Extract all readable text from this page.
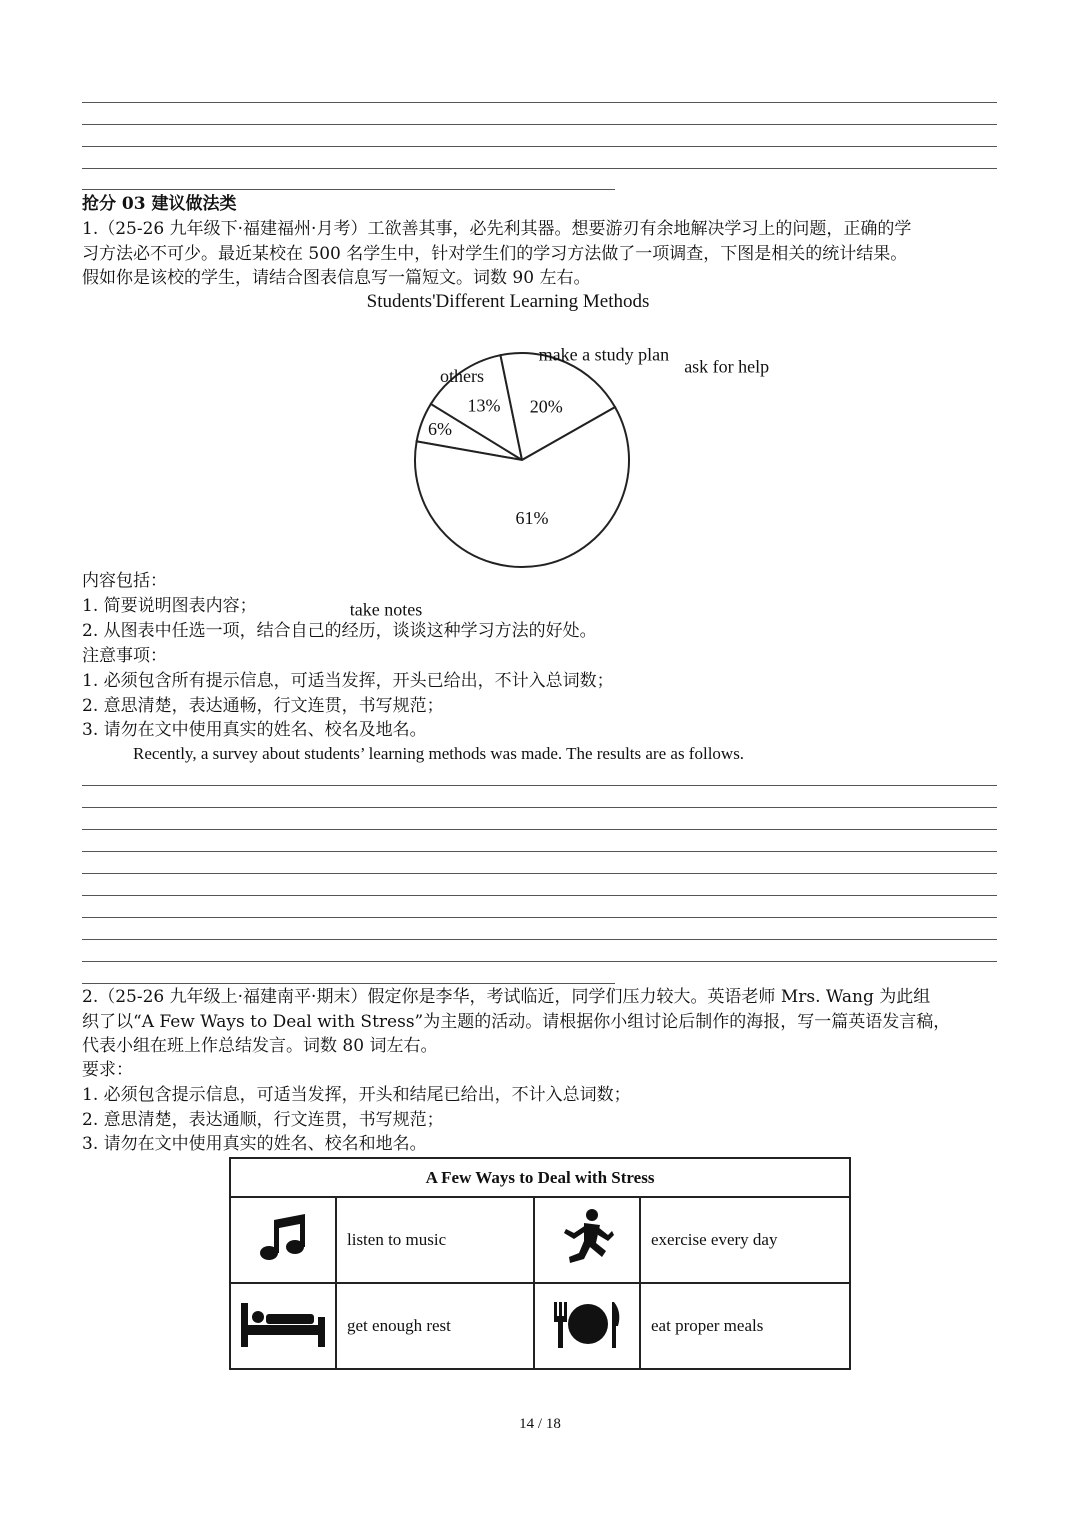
抢分 03 建议做法类
1.（25-26 九年级下·福建福州·月考）工欲善其事，必先利其器。想要游刃有余地解决学习上的问题，正确的学
习方法必不可少。最近某校在 500 名学生中，针对学生们的学习方法做了一项调查，下图是相关的统计结果。
假如你是该校的学生，请结合图表信息写一篇短文。词数 90 左右。
Students'Different Learning Methods
6%
others
13%
make a study plan
20%
ask for help
61%
take notes
内容包括：
1. 简要说明图表内容；
2. 从图表中任选一项，结合自己的经历，谈谈这种学习方法的好处。
注意事项：
1. 必须包含所有提示信息，可适当发挥，开头已给出，不计入总词数；
2. 意思清楚，表达通畅，行文连贯，书写规范；
3. 请勿在文中使用真实的姓名、校名及地名。
Recently, a survey about students’ learning methods was made. The results are as follows.
2.（25-26 九年级上·福建南平·期末）假定你是李华，考试临近，同学们压力较大。英语老师 Mrs. Wang 为此组
织了以“A Few Ways to Deal with Stress”为主题的活动。请根据你小组讨论后制作的海报，写一篇英语发言稿，
代表小组在班上作总结发言。词数 80 词左右。
要求：
1. 必须包含提示信息，可适当发挥，开头和结尾已给出，不计入总词数；
2. 意思清楚，表达通顺，行文连贯，书写规范；
3. 请勿在文中使用真实的姓名、校名和地名。
A Few Ways to Deal with Stress			
	listen to music		exercise every day
	get enough rest		eat proper meals
14 / 18
